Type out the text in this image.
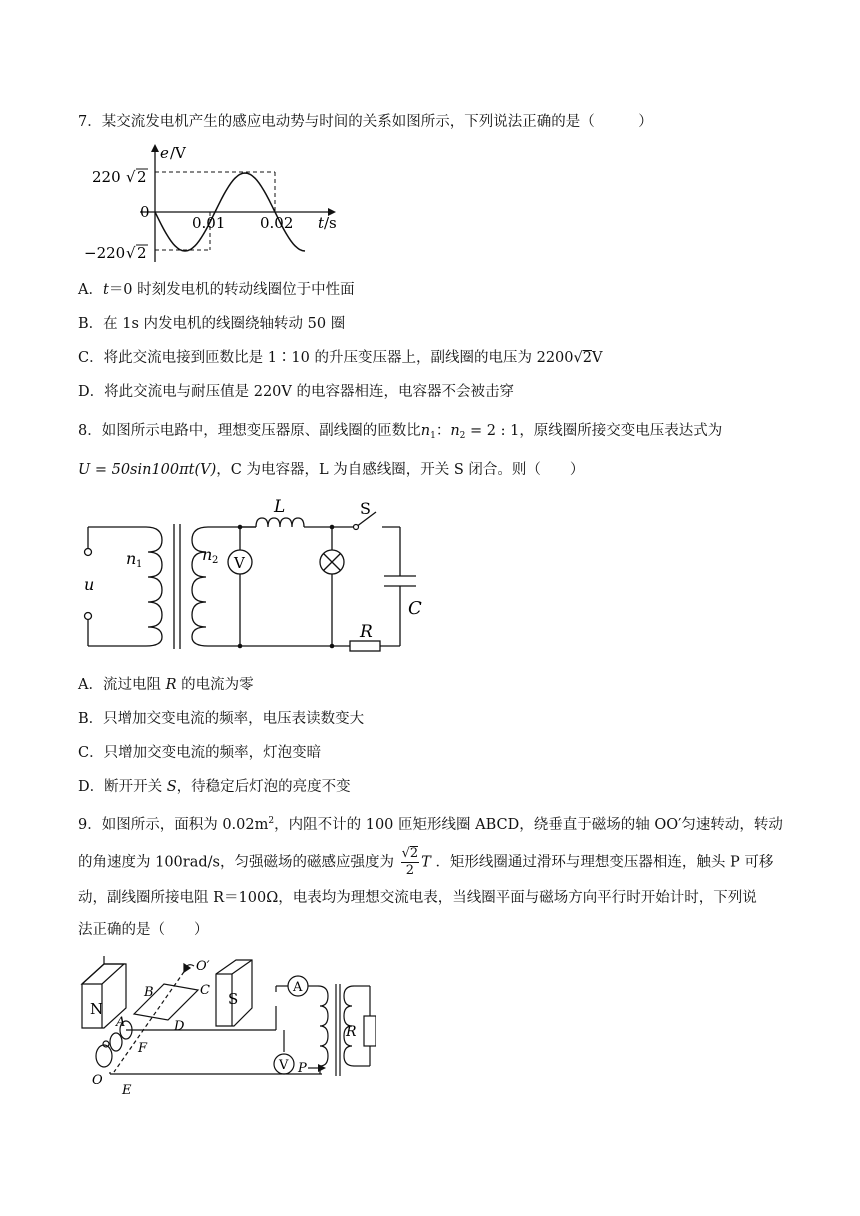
7．某交流发电机产生的感应电动势与时间的关系如图所示，下列说法正确的是（　　　）
e /V
220 √ 2
0
−220 √ 2
0.01 0.02 t /s
A．t＝0 时刻发电机的转动线圈位于中性面
B．在 1s 内发电机的线圈绕轴转动 50 圈
C．将此交流电接到匝数比是 1∶10 的升压变压器上，副线圈的电压为 2200√2V
D．将此交流电与耐压值是 220V 的电容器相连，电容器不会被击穿
8．如图所示电路中，理想变压器原、副线圈的匝数比$n_1$：$n_2 = 2$ : 1，原线圈所接交变电压表达式为
U = 50sin100πt(V)，C 为电容器，L 为自感线圈，开关 S 闭合。则（　　）
u
n 1
n 2
L	S
V
C
R
A．流过电阻 R 的电流为零
B．只增加交变电流的频率，电压表读数变大
C．只增加交变电流的频率，灯泡变暗
D．断开开关 S，待稳定后灯泡的亮度不变
9．如图所示，面积为 $0.02m^2$，内阻不计的 100 匝矩形线圈 ABCD，绕垂直于磁场的轴 OO′匀速转动，转动
的角速度为 100rad/s，匀强磁场的磁感应强度为 $\frac{√2}{2}$ T ．矩形线圈通过滑环与理想变压器相连，触头 P 可移
动，副线圈所接电阻 R＝100Ω，电表均为理想交流电表，当线圈平面与磁场方向平行时开始计时，下列说
法正确的是（　　）
N
S
O′
B	C
D
A
F
O
E
A
V
R
P
